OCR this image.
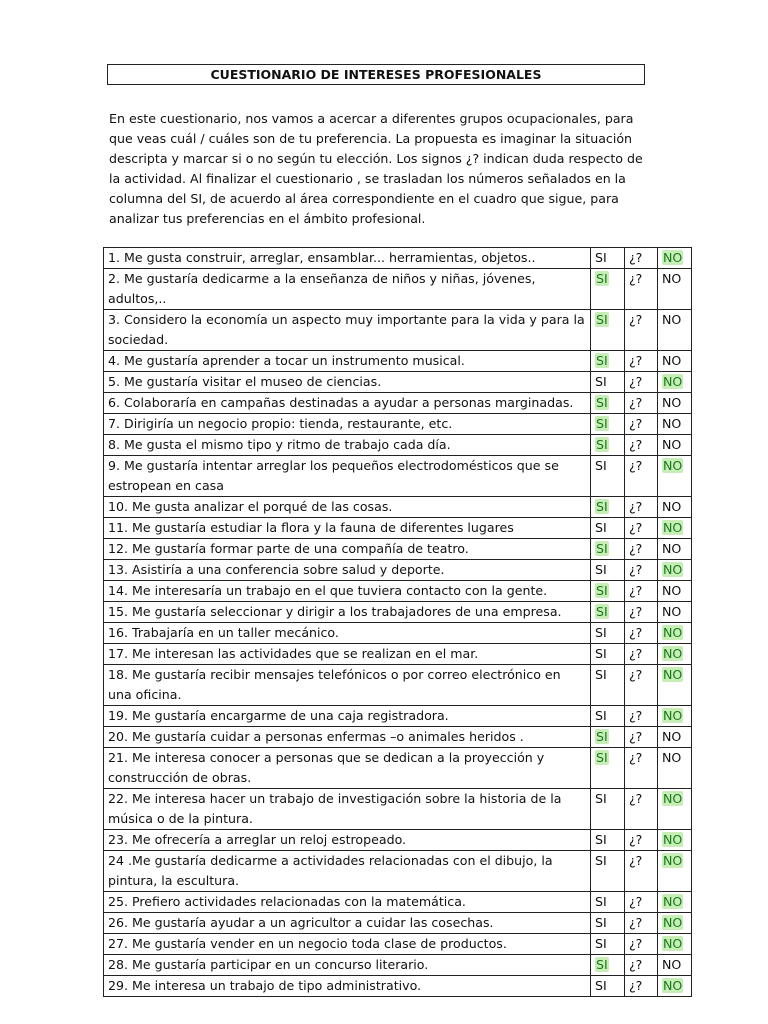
CUESTIONARIO DE INTERESES PROFESIONALES

En este cuestionario, nos vamos a acercar a diferentes grupos ocupacionales, para que veas cuál / cuáles son de tu preferencia. La propuesta es imaginar la situación descripta y marcar si o no según tu elección. Los signos ¿? indican duda respecto de la actividad. Al finalizar el cuestionario , se trasladan los números señalados en la columna del SI, de acuerdo al área correspondiente en el cuadro que sigue, para analizar tus preferencias en el ámbito profesional.

1. Me gusta construir, arreglar, ensamblar... herramientas, objetos..	SI	¿?	NO
2. Me gustaría dedicarme a la enseñanza de niños y niñas, jóvenes, adultos,..	SI	¿?	NO
3. Considero la economía un aspecto muy importante para la vida y para la sociedad.	SI	¿?	NO
4. Me gustaría aprender a tocar un instrumento musical.	SI	¿?	NO
5. Me gustaría visitar el museo de ciencias.	SI	¿?	NO
6. Colaboraría en campañas destinadas a ayudar a personas marginadas.	SI	¿?	NO
7. Dirigiría un negocio propio: tienda, restaurante, etc.	SI	¿?	NO
8. Me gusta el mismo tipo y ritmo de trabajo cada día.	SI	¿?	NO
9. Me gustaría intentar arreglar los pequeños electrodomésticos que se estropean en casa	SI	¿?	NO
10. Me gusta analizar el porqué de las cosas.	SI	¿?	NO
11. Me gustaría estudiar la flora y la fauna de diferentes lugares	SI	¿?	NO
12. Me gustaría formar parte de una compañía de teatro.	SI	¿?	NO
13. Asistiría a una conferencia sobre salud y deporte.	SI	¿?	NO
14. Me interesaría un trabajo en el que tuviera contacto con la gente.	SI	¿?	NO
15. Me gustaría seleccionar y dirigir a los trabajadores de una empresa.	SI	¿?	NO
16. Trabajaría en un taller mecánico.	SI	¿?	NO
17. Me interesan las actividades que se realizan en el mar.	SI	¿?	NO
18. Me gustaría recibir mensajes telefónicos o por correo electrónico en una oficina.	SI	¿?	NO
19. Me gustaría encargarme de una caja registradora.	SI	¿?	NO
20. Me gustaría cuidar a personas enfermas –o animales heridos .	SI	¿?	NO
21. Me interesa conocer a personas que se dedican a la proyección y construcción de obras.	SI	¿?	NO
22. Me interesa hacer un trabajo de investigación sobre la historia de la música o de la pintura.	SI	¿?	NO
23. Me ofrecería a arreglar un reloj estropeado.	SI	¿?	NO
24 .Me gustaría dedicarme a actividades relacionadas con el dibujo, la pintura, la escultura.	SI	¿?	NO
25. Prefiero actividades relacionadas con la matemática.	SI	¿?	NO
26. Me gustaría ayudar a un agricultor a cuidar las cosechas.	SI	¿?	NO
27. Me gustaría vender en un negocio toda clase de productos.	SI	¿?	NO
28. Me gustaría participar en un concurso literario.	SI	¿?	NO
29. Me interesa un trabajo de tipo administrativo.	SI	¿?	NO
